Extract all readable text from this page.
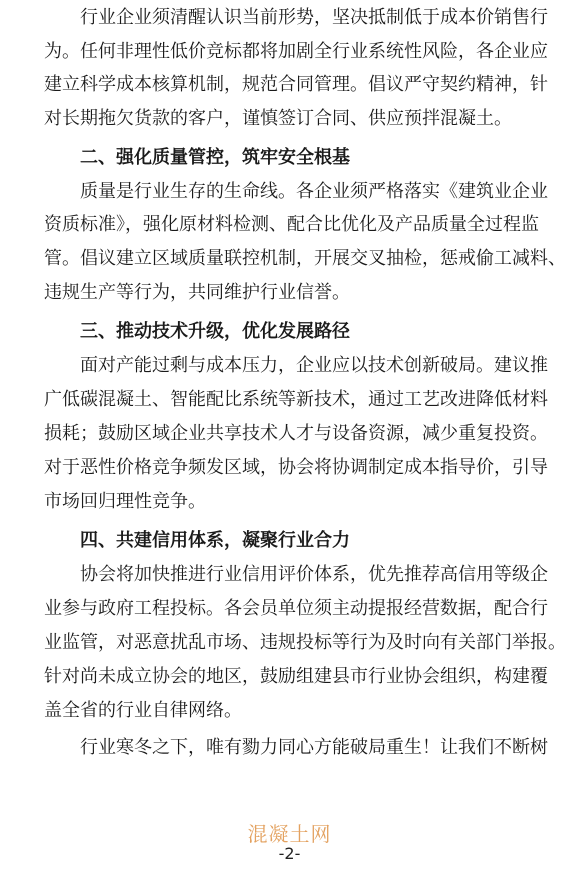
行业企业须清醒认识当前形势，坚决抵制低于成本价销售行
为。任何非理性低价竞标都将加剧全行业系统性风险，各企业应
建立科学成本核算机制，规范合同管理。倡议严守契约精神，针
对长期拖欠货款的客户，谨慎签订合同、供应预拌混凝土。
二、强化质量管控，筑牢安全根基
质量是行业生存的生命线。各企业须严格落实《建筑业企业
资质标准》，强化原材料检测、配合比优化及产品质量全过程监
管。倡议建立区域质量联控机制，开展交叉抽检，惩戒偷工减料、
违规生产等行为，共同维护行业信誉。
三、推动技术升级，优化发展路径
面对产能过剩与成本压力，企业应以技术创新破局。建议推
广低碳混凝土、智能配比系统等新技术，通过工艺改进降低材料
损耗；鼓励区域企业共享技术人才与设备资源，减少重复投资。
对于恶性价格竞争频发区域，协会将协调制定成本指导价，引导
市场回归理性竞争。
四、共建信用体系，凝聚行业合力
协会将加快推进行业信用评价体系，优先推荐高信用等级企
业参与政府工程投标。各会员单位须主动提报经营数据，配合行
业监管，对恶意扰乱市场、违规投标等行为及时向有关部门举报。
针对尚未成立协会的地区，鼓励组建县市行业协会组织，构建覆
盖全省的行业自律网络。
行业寒冬之下，唯有勠力同心方能破局重生！让我们不断树
混凝土网
-2-
